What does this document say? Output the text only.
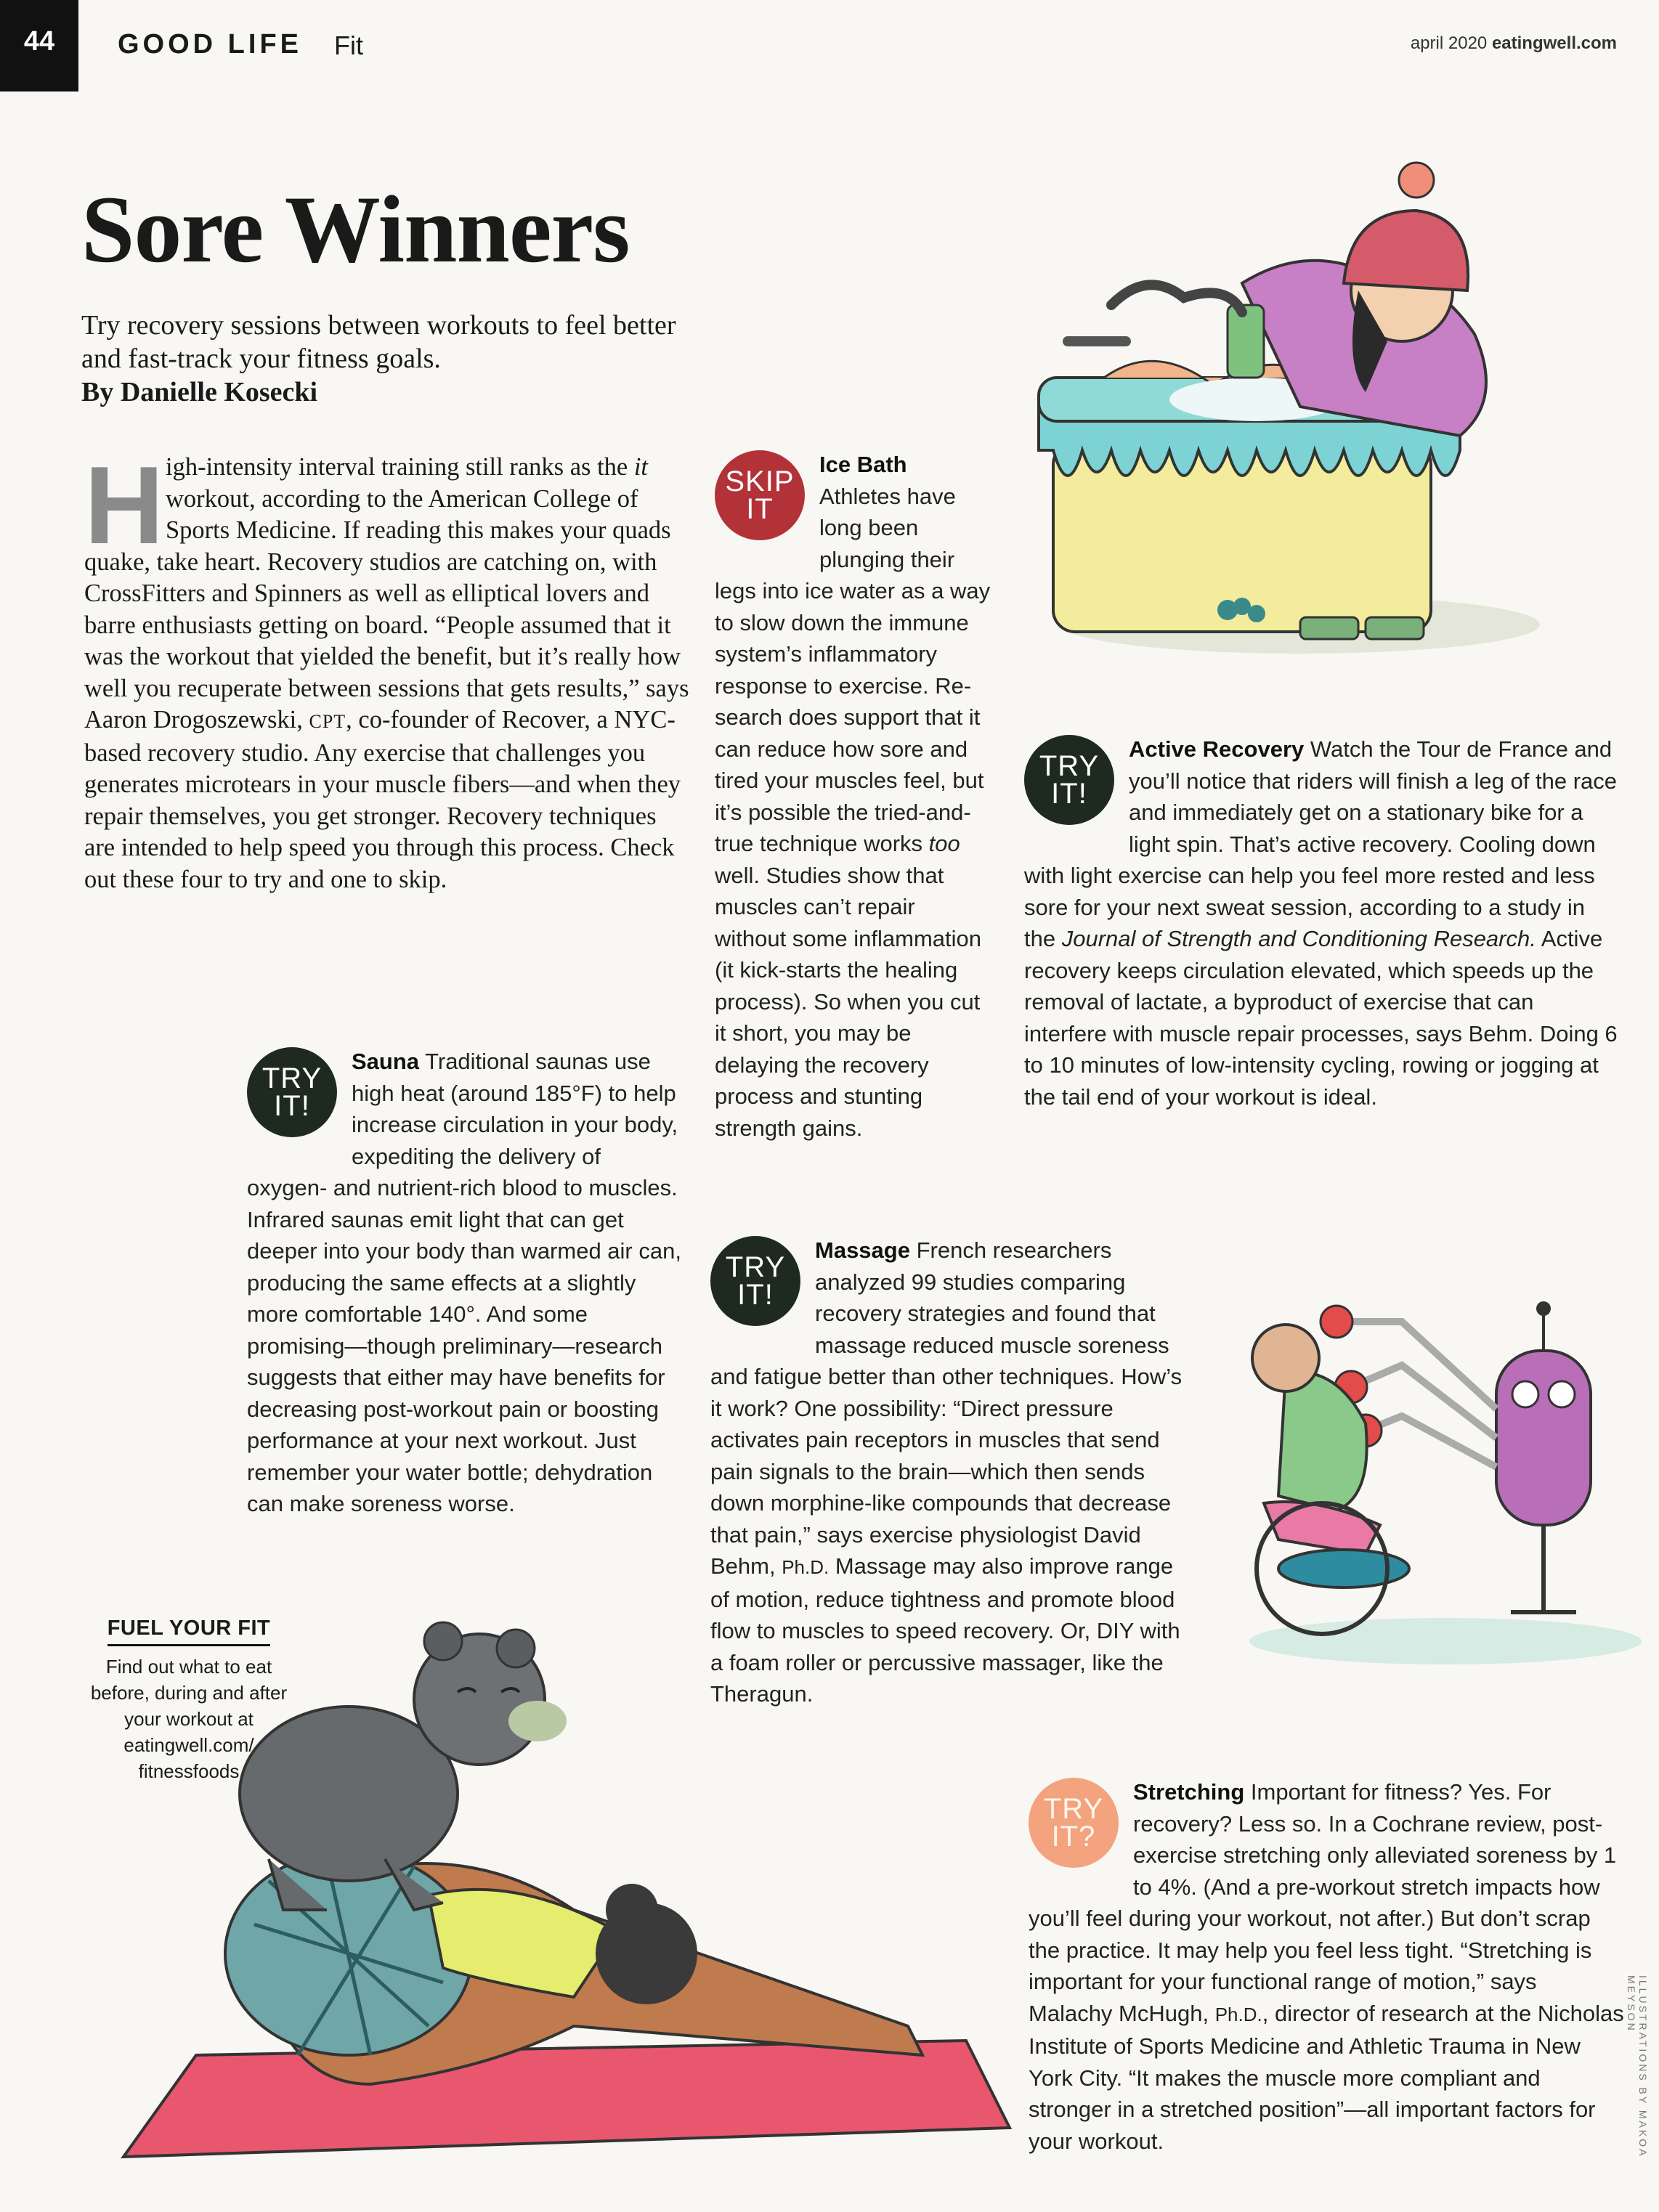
44	GOOD LIFE Fit	april 2020 eatingwell.com
Sore Winners
Try recovery sessions between workouts to feel better and fast-track your fitness goals.
By Danielle Kosecki
H igh-intensity interval training still ranks as the it workout, according to the American College of Sports Medicine. If reading this makes your quads quake, take heart. Recovery studios are catching on, with CrossFitters and Spinners as well as elliptical lovers and barre enthusiasts getting on board. “People assumed that it was the workout that yielded the benefit, but it’s really how well you recuperate between sessions that gets results,” says Aaron Drogoszewski, CPT, co-founder of Recover, a NYC-based recovery studio. Any exercise that challenges you generates microtears in your muscle fibers—and when they repair themselves, you get stronger. Recovery techniques are intended to help speed you through this process. Check out these four to try and one to skip.
SKIP
IT
Ice Bath Athletes have long been plunging their legs into ice water as a way to slow down the immune system’s inflammatory response to exercise. Research does support that it can reduce how sore and tired your muscles feel, but it’s possible the tried-and-true technique works too well. Studies show that muscles can’t repair without some inflammation (it kick-starts the healing process). So when you cut it short, you may be delaying the recovery process and stunting strength gains.
TRY
IT!
Active Recovery Watch the Tour de France and you’ll notice that riders will finish a leg of the race and immediately get on a stationary bike for a light spin. That’s active recovery. Cooling down with light exercise can help you feel more rested and less sore for your next sweat session, according to a study in the Journal of Strength and Conditioning Research. Active recovery keeps circulation elevated, which speeds up the removal of lactate, a byproduct of exercise that can interfere with muscle repair processes, says Behm. Doing 6 to 10 minutes of low-intensity cycling, rowing or jogging at the tail end of your workout is ideal.
TRY
IT!
Sauna Traditional saunas use high heat (around 185°F) to help increase circulation in your body, expediting the delivery of oxygen- and nutrient-rich blood to muscles. Infrared saunas emit light that can get deeper into your body than warmed air can, producing the same effects at a slightly more comfortable 140°. And some promising—though preliminary—research suggests that either may have benefits for decreasing post-workout pain or boosting performance at your next workout. Just remember your water bottle; dehydration can make soreness worse.
TRY
IT!
Massage French researchers analyzed 99 studies comparing recovery strategies and found that massage reduced muscle soreness and fatigue better than other techniques. How’s it work? One possibility: “Direct pressure activates pain receptors in muscles that send pain signals to the brain—which then sends down morphine-like compounds that decrease that pain,” says exercise physiologist David Behm, Ph.D. Massage may also improve range of motion, reduce tightness and promote blood flow to muscles to speed recovery. Or, DIY with a foam roller or percussive massager, like the Theragun.
TRY
IT?
Stretching Important for fitness? Yes. For recovery? Less so. In a Cochrane review, post-exercise stretching only alleviated soreness by 1 to 4%. (And a pre-workout stretch impacts how you’ll feel during your workout, not after.) But don’t scrap the practice. It may help you feel less tight. “Stretching is important for your functional range of motion,” says Malachy McHugh, Ph.D., director of research at the Nicholas Institute of Sports Medicine and Athletic Trauma in New York City. “It makes the muscle more compliant and stronger in a stretched position”—all important factors for your workout.
FUEL YOUR FIT
Find out what to eat before, during and after your workout at eatingwell.com/ fitnessfoods
ILLUSTRATIONS BY MAKOA MEYSON
